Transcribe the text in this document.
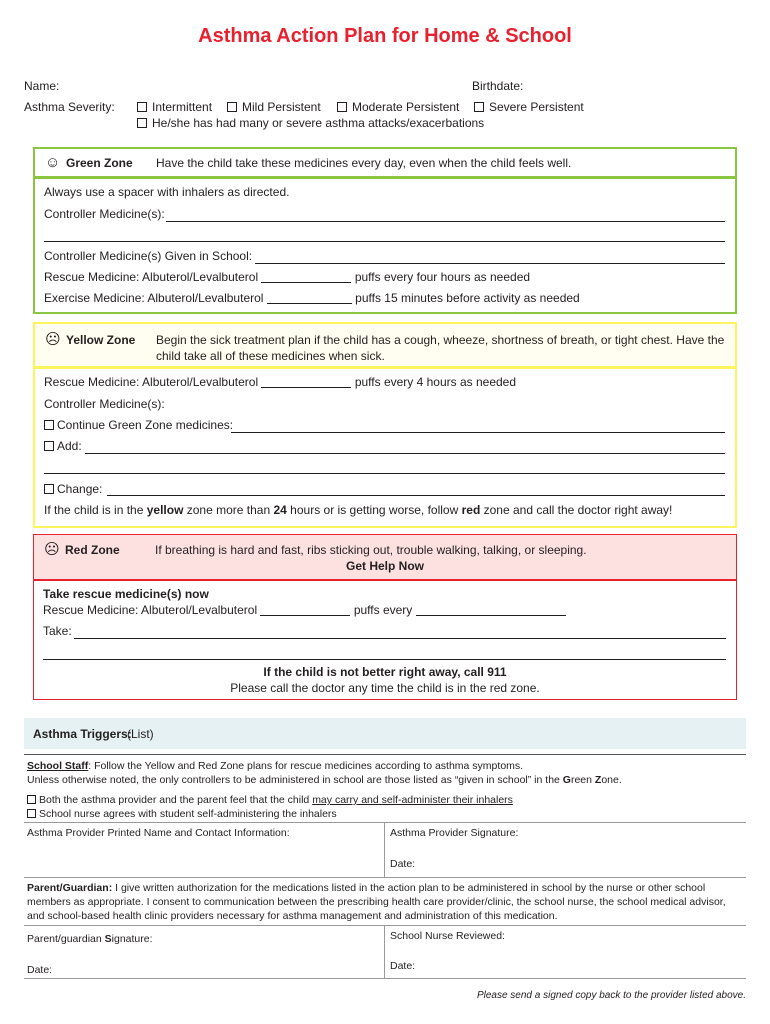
Asthma Action Plan for Home & School
Name:	Birthdate:
Asthma Severity:	Intermittent	Mild Persistent	Moderate Persistent	Severe Persistent
He/she has had many or severe asthma attacks/exacerbations
☺ Green Zone Have the child take these medicines every day, even when the child feels well.
Always use a spacer with inhalers as directed.
Controller Medicine(s):
Controller Medicine(s) Given in School:
Rescue Medicine: Albuterol/Levalbuterol	puffs every four hours as needed
Exercise Medicine: Albuterol/Levalbuterol	puffs 15 minutes before activity as needed
☹ Yellow Zone Begin the sick treatment plan if the child has a cough, wheeze, shortness of breath, or tight chest. Have the
child take all of these medicines when sick.
Rescue Medicine: Albuterol/Levalbuterol	puffs every 4 hours as needed
Controller Medicine(s):
Continue Green Zone medicines:
Add:
Change:
If the child is in the yellow zone more than 24 hours or is getting worse, follow red zone and call the doctor right away!
☹ Red Zone	If breathing is hard and fast, ribs sticking out, trouble walking, talking, or sleeping.
Get Help Now
Take rescue medicine(s) now
Rescue Medicine: Albuterol/Levalbuterol	puffs every
Take:
If the child is not better right away, call 911
Please call the doctor any time the child is in the red zone.
Asthma Triggers:
(List)
School Staff: Follow the Yellow and Red Zone plans for rescue medicines according to asthma symptoms.
Unless otherwise noted, the only controllers to be administered in school are those listed as “given in school” in the Green Zone.
Both the asthma provider and the parent feel that the child may carry and self-administer their inhalers
School nurse agrees with student self-administering the inhalers
Asthma Provider Printed Name and Contact Information:	Asthma Provider Signature:
Date:
Parent/Guardian: I give written authorization for the medications listed in the action plan to be administered in school by the nurse or other school
members as appropriate. I consent to communication between the prescribing health care provider/clinic, the school nurse, the school medical advisor,
and school-based health clinic providers necessary for asthma management and administration of this medication.
Parent/guardian Signature:	School Nurse Reviewed:
Date:	Date:
Please send a signed copy back to the provider listed above.
